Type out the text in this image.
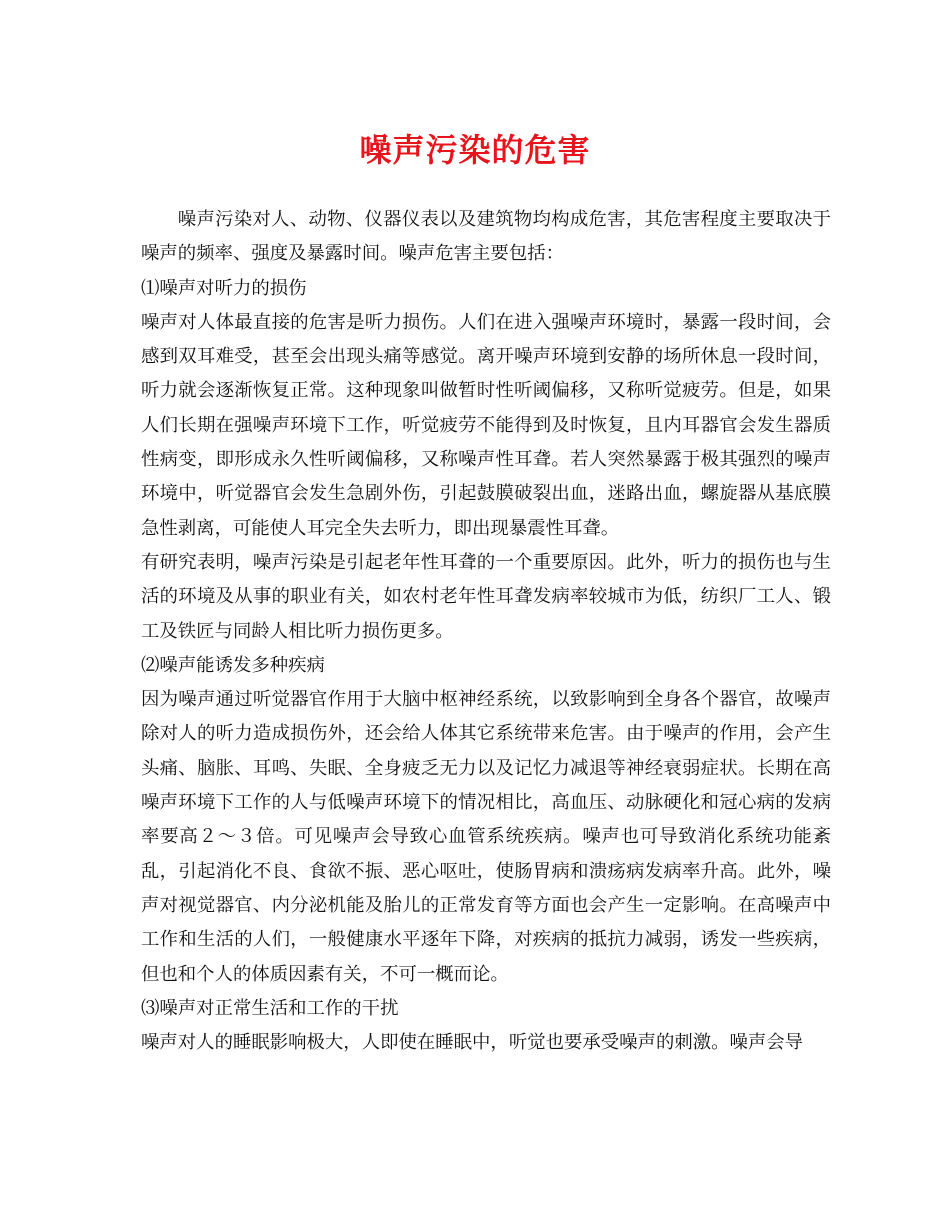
噪声污染的危害

噪声污染对人、动物、仪器仪表以及建筑物均构成危害，其危害程度主要取决于噪声的频率、强度及暴露时间。噪声危害主要包括：

⑴噪声对听力的损伤

噪声对人体最直接的危害是听力损伤。人们在进入强噪声环境时，暴露一段时间，会感到双耳难受，甚至会出现头痛等感觉。离开噪声环境到安静的场所休息一段时间，听力就会逐渐恢复正常。这种现象叫做暂时性听阈偏移，又称听觉疲劳。但是，如果人们长期在强噪声环境下工作，听觉疲劳不能得到及时恢复，且内耳器官会发生器质性病变，即形成永久性听阈偏移，又称噪声性耳聋。若人突然暴露于极其强烈的噪声环境中，听觉器官会发生急剧外伤，引起鼓膜破裂出血，迷路出血，螺旋器从基底膜急性剥离，可能使人耳完全失去听力，即出现暴震性耳聋。

有研究表明，噪声污染是引起老年性耳聋的一个重要原因。此外，听力的损伤也与生活的环境及从事的职业有关，如农村老年性耳聋发病率较城市为低，纺织厂工人、锻工及铁匠与同龄人相比听力损伤更多。

⑵噪声能诱发多种疾病

因为噪声通过听觉器官作用于大脑中枢神经系统，以致影响到全身各个器官，故噪声除对人的听力造成损伤外，还会给人体其它系统带来危害。由于噪声的作用，会产生头痛、脑胀、耳鸣、失眠、全身疲乏无力以及记忆力减退等神经衰弱症状。长期在高噪声环境下工作的人与低噪声环境下的情况相比，高血压、动脉硬化和冠心病的发病率要高２～３倍。可见噪声会导致心血管系统疾病。噪声也可导致消化系统功能紊乱，引起消化不良、食欲不振、恶心呕吐，使肠胃病和溃疡病发病率升高。此外，噪声对视觉器官、内分泌机能及胎儿的正常发育等方面也会产生一定影响。在高噪声中工作和生活的人们，一般健康水平逐年下降，对疾病的抵抗力减弱，诱发一些疾病，但也和个人的体质因素有关，不可一概而论。

⑶噪声对正常生活和工作的干扰

噪声对人的睡眠影响极大，人即使在睡眠中，听觉也要承受噪声的刺激。噪声会导
